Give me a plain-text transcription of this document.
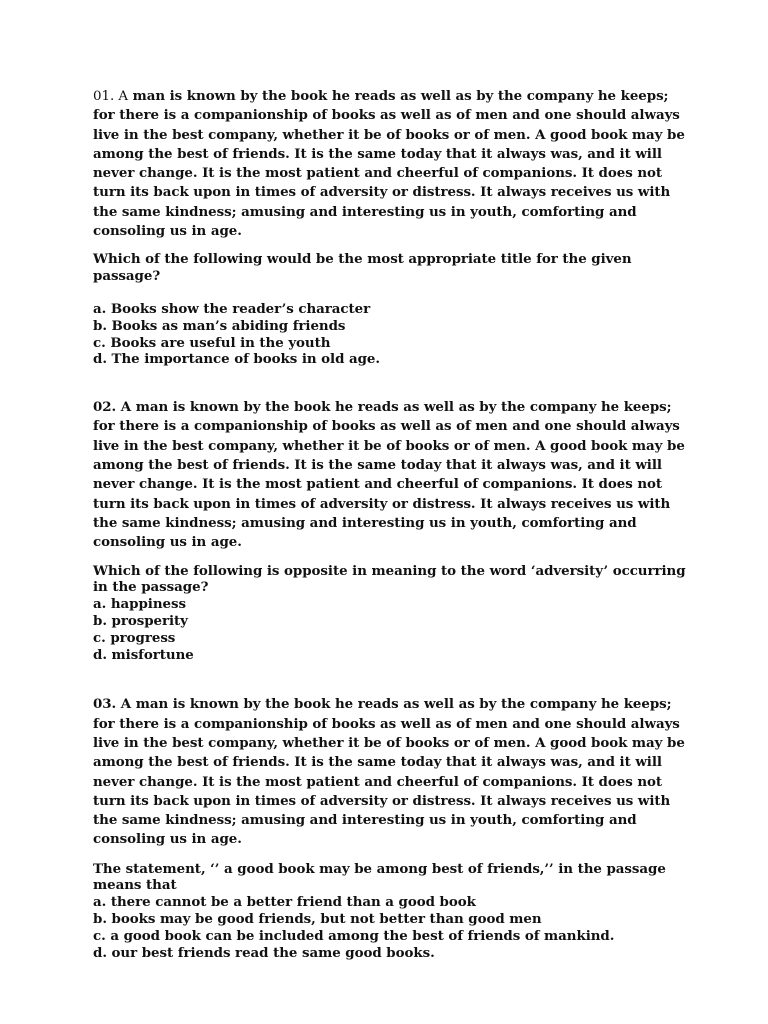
01. A man is known by the book he reads as well as by the company he keeps; for there is a companionship of books as well as of men and one should always live in the best company, whether it be of books or of men. A good book may be among the best of friends. It is the same today that it always was, and it will never change. It is the most patient and cheerful of companions. It does not turn its back upon in times of adversity or distress. It always receives us with the same kindness; amusing and interesting us in youth, comforting and consoling us in age.

Which of the following would be the most appropriate title for the given passage?

a. Books show the reader’s character
b. Books as man’s abiding friends
c. Books are useful in the youth
d. The importance of books in old age.

02. A man is known by the book he reads as well as by the company he keeps; for there is a companionship of books as well as of men and one should always live in the best company, whether it be of books or of men. A good book may be among the best of friends. It is the same today that it always was, and it will never change. It is the most patient and cheerful of companions. It does not turn its back upon in times of adversity or distress. It always receives us with the same kindness; amusing and interesting us in youth, comforting and consoling us in age.

Which of the following is opposite in meaning to the word ‘adversity’ occurring in the passage?

a. happiness
b. prosperity
c. progress
d. misfortune

03. A man is known by the book he reads as well as by the company he keeps; for there is a companionship of books as well as of men and one should always live in the best company, whether it be of books or of men. A good book may be among the best of friends. It is the same today that it always was, and it will never change. It is the most patient and cheerful of companions. It does not turn its back upon in times of adversity or distress. It always receives us with the same kindness; amusing and interesting us in youth, comforting and consoling us in age.

The statement, ‘’ a good book may be among best of friends,’’ in the passage means that

a. there cannot be a better friend than a good book
b. books may be good friends, but not better than good men
c. a good book can be included among the best of friends of mankind.
d. our best friends read the same good books.
